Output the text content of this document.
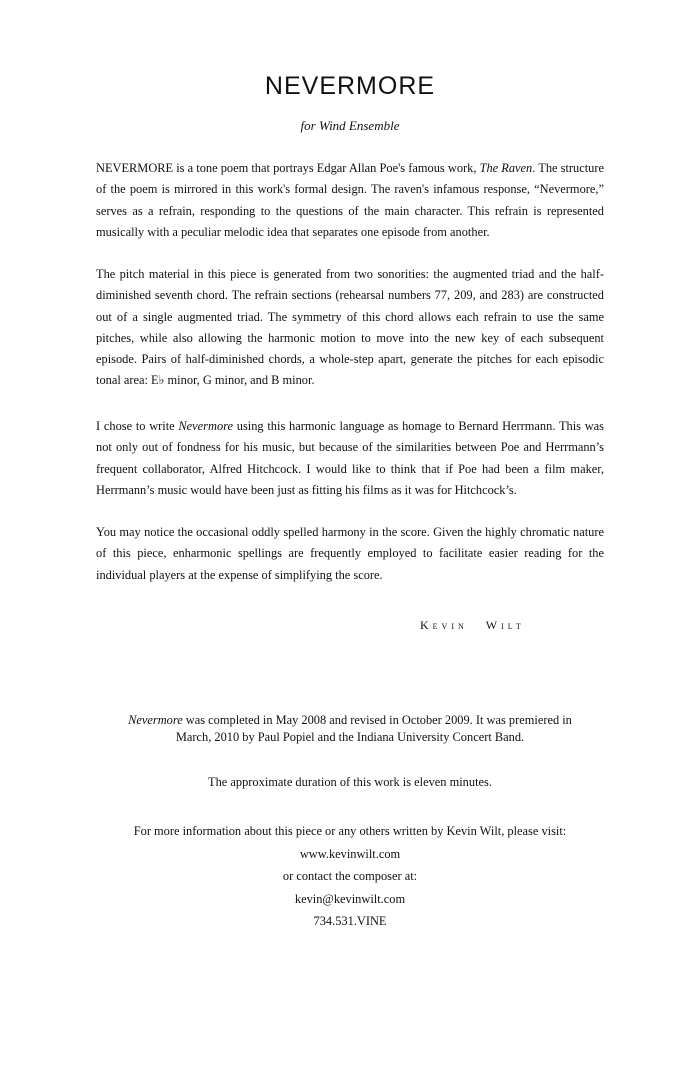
NEVERMORE

for Wind Ensemble

NEVERMORE is a tone poem that portrays Edgar Allan Poe's famous work, The Raven. The structure of the poem is mirrored in this work's formal design. The raven's infamous response, “Nevermore,” serves as a refrain, responding to the questions of the main character. This refrain is represented musically with a peculiar melodic idea that separates one episode from another.

The pitch material in this piece is generated from two sonorities: the augmented triad and the half-diminished seventh chord. The refrain sections (rehearsal numbers 77, 209, and 283) are constructed out of a single augmented triad. The symmetry of this chord allows each refrain to use the same pitches, while also allowing the harmonic motion to move into the new key of each subsequent episode. Pairs of half-diminished chords, a whole-step apart, generate the pitches for each episodic tonal area: E♭ minor, G minor, and B minor.

I chose to write Nevermore using this harmonic language as homage to Bernard Herrmann. This was not only out of fondness for his music, but because of the similarities between Poe and Herrmann’s frequent collaborator, Alfred Hitchcock. I would like to think that if Poe had been a film maker, Herrmann’s music would have been just as fitting his films as it was for Hitchcock’s.

You may notice the occasional oddly spelled harmony in the score. Given the highly chromatic nature of this piece, enharmonic spellings are frequently employed to facilitate easier reading for the individual players at the expense of simplifying the score.

Kevin Wilt

Nevermore was completed in May 2008 and revised in October 2009. It was premiered in March, 2010 by Paul Popiel and the Indiana University Concert Band.

The approximate duration of this work is eleven minutes.

For more information about this piece or any others written by Kevin Wilt, please visit:
www.kevinwilt.com
or contact the composer at:
kevin@kevinwilt.com
734.531.VINE
